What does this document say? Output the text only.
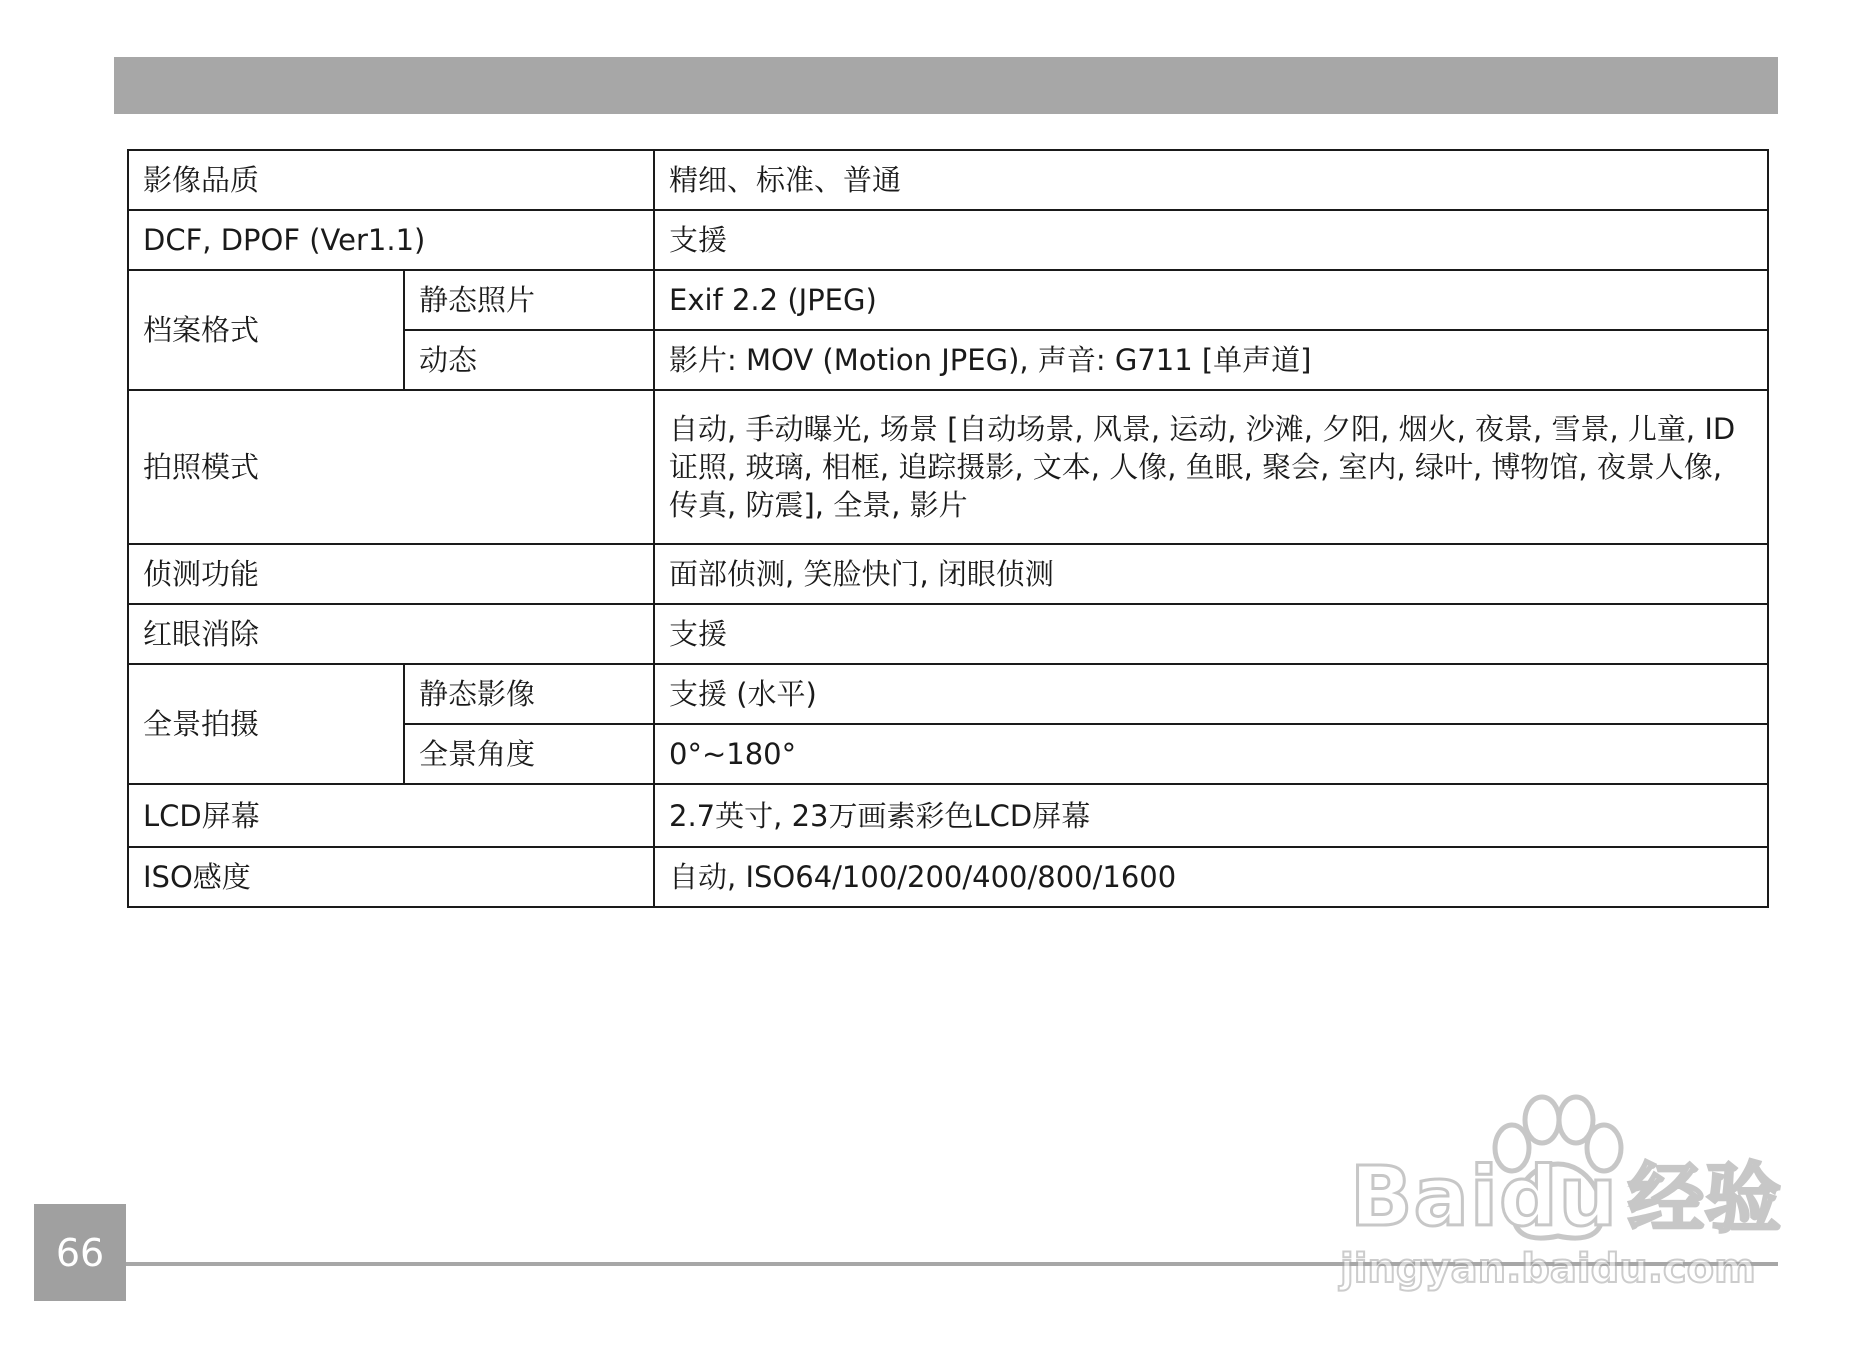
影像品质		精细、标准、普通
DCF, DPOF (Ver1.1)		支援
档案格式	静态照片	Exif 2.2 (JPEG)
	动态	影片: MOV (Motion JPEG), 声音: G711 [单声道]
拍照模式		自动, 手动曝光, 场景 [自动场景, 风景, 运动, 沙滩, 夕阳, 烟火, 夜景, 雪景, 儿童, ID证照, 玻璃, 相框, 追踪摄影, 文本, 人像, 鱼眼, 聚会, 室内, 绿叶, 博物馆, 夜景人像, 传真, 防震], 全景, 影片
侦测功能		面部侦测, 笑脸快门, 闭眼侦测
红眼消除		支援
全景拍摄	静态影像	支援 (水平)
	全景角度	0°~180°
LCD屏幕		2.7英寸, 23万画素彩色LCD屏幕
ISO感度		自动, ISO64/100/200/400/800/1600
66
Baidu 经验
jingyan.baidu.com
